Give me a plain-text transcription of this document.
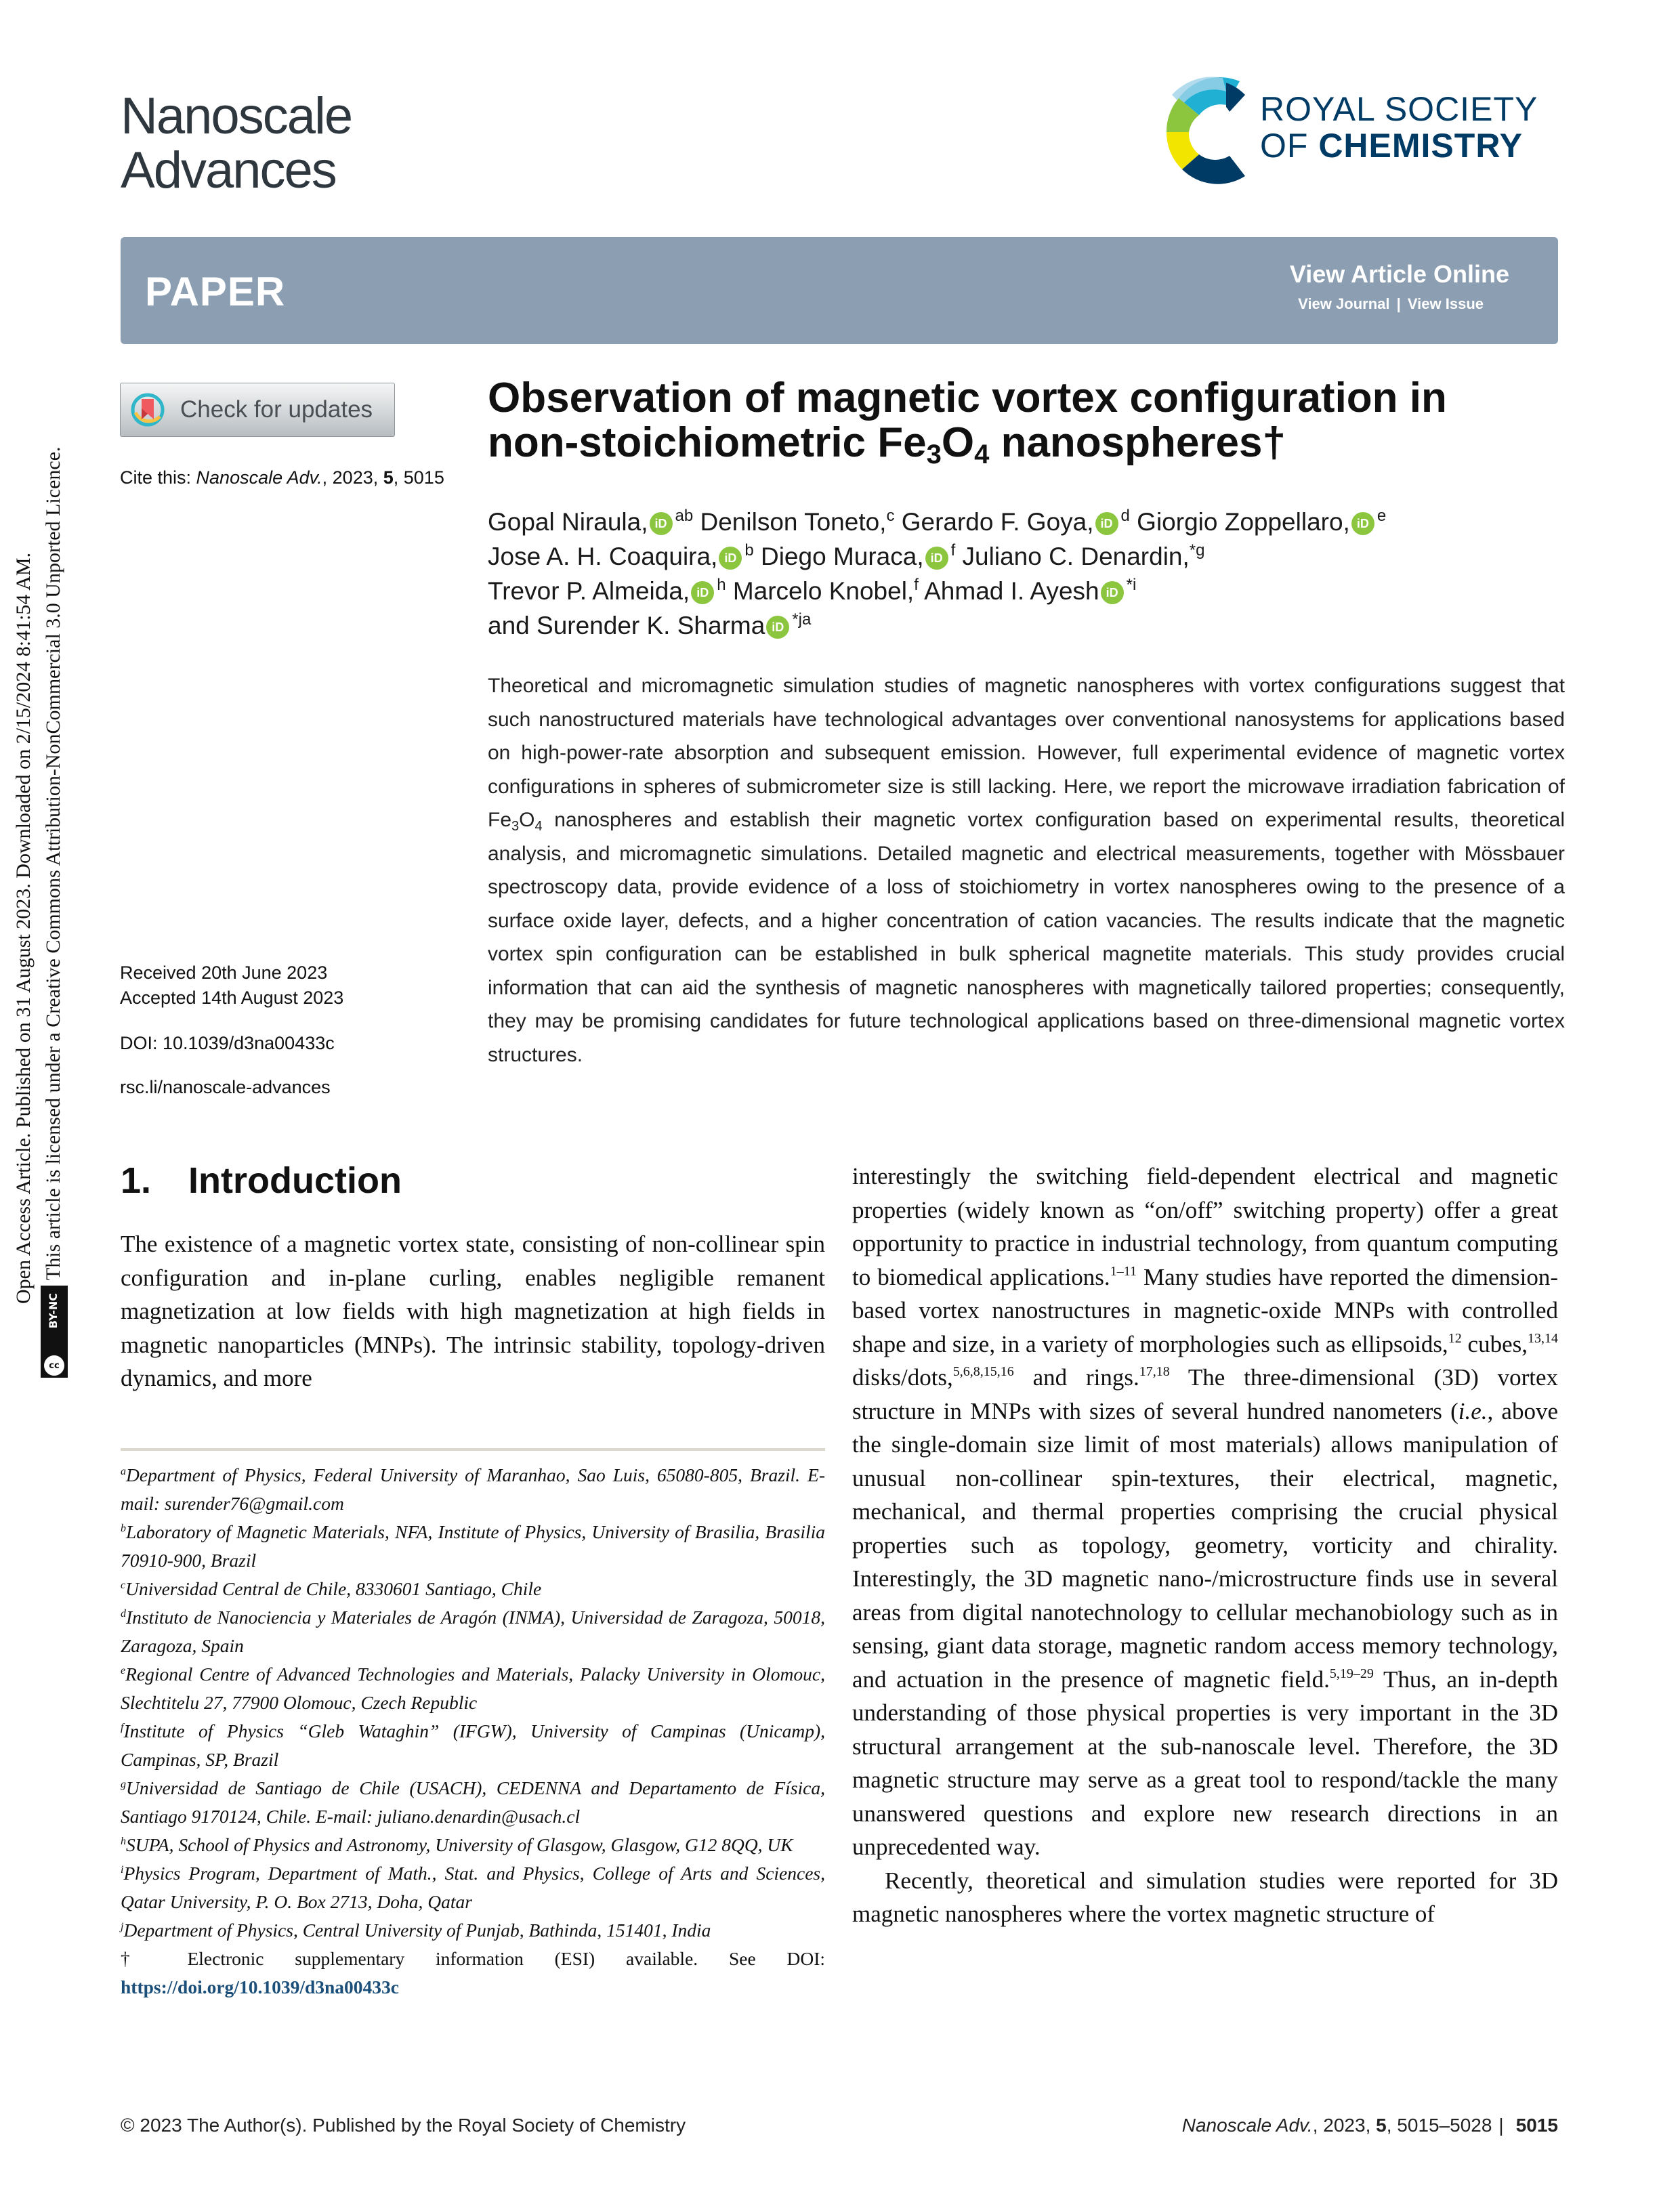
Open Access Article. Published on 31 August 2023. Downloaded on 2/15/2024 8:41:54 AM. This article is licensed under a Creative Commons Attribution-NonCommercial 3.0 Unported Licence.
BY-NC
cc
Nanoscale
Advances
ROYAL SOCIETY
OF CHEMISTRY
PAPER	View Article Online
View Journal | View Issue
Check for updates
Cite this: Nanoscale Adv., 2023, 5, 5015
Observation of magnetic vortex configuration in
non-stoichiometric $Fe_3O_4$ nanospheres†
Gopal Niraula, iD $^{ab}$ Denilson Toneto,$^c$ Gerardo F. Goya, iD $^d$ Giorgio Zoppellaro, iD $^e$
Jose A. H. Coaquira, iD $^b$ Diego Muraca, iD $^f$ Juliano C. Denardin,$^{*g}$
Trevor P. Almeida, iD $^h$ Marcelo Knobel,$^f$ Ahmad I. Ayesh iD $^{*i}$
and Surender K. Sharma iD $^{*ja}$
Theoretical and micromagnetic simulation studies of magnetic nanospheres with vortex configurations suggest that such nanostructured materials have technological advantages over conventional nanosystems for applications based on high-power-rate absorption and subsequent emission. However, full experimental evidence of magnetic vortex configurations in spheres of submicrometer size is still lacking. Here, we report the microwave irradiation fabrication of $Fe_3O_4$ nanospheres and establish their magnetic vortex configuration based on experimental results, theoretical analysis, and micromagnetic simulations. Detailed magnetic and electrical measurements, together with Mössbauer spectroscopy data, provide evidence of a loss of stoichiometry in vortex nanospheres owing to the presence of a surface oxide layer, defects, and a higher concentration of cation vacancies. The results indicate that the magnetic vortex spin configuration can be established in bulk spherical magnetite materials. This study provides crucial information that can aid the synthesis of magnetic nanospheres with magnetically tailored properties; consequently, they may be promising candidates for future technological applications based on three-dimensional magnetic vortex structures.
Received 20th June 2023
Accepted 14th August 2023
DOI: 10.1039/d3na00433c
rsc.li/nanoscale-advances
1. Introduction
The existence of a magnetic vortex state, consisting of non-collinear spin configuration and in-plane curling, enables negligible remanent magnetization at low fields with high magnetization at high fields in magnetic nanoparticles (MNPs). The intrinsic stability, topology-driven dynamics, and more
$^a$Department of Physics, Federal University of Maranhao, Sao Luis, 65080-805, Brazil. E-mail: surender76@gmail.com
$^b$Laboratory of Magnetic Materials, NFA, Institute of Physics, University of Brasilia, Brasilia 70910-900, Brazil
$^c$Universidad Central de Chile, 8330601 Santiago, Chile
$^d$Instituto de Nanociencia y Materiales de Aragón (INMA), Universidad de Zaragoza, 50018, Zaragoza, Spain
$^e$Regional Centre of Advanced Technologies and Materials, Palacky University in Olomouc, Slechtitelu 27, 77900 Olomouc, Czech Republic
$^f$Institute of Physics “Gleb Wataghin” (IFGW), University of Campinas (Unicamp), Campinas, SP, Brazil
$^g$Universidad de Santiago de Chile (USACH), CEDENNA and Departamento de Física, Santiago 9170124, Chile. E-mail: juliano.denardin@usach.cl
$^h$SUPA, School of Physics and Astronomy, University of Glasgow, Glasgow, G12 8QQ, UK
$^i$Physics Program, Department of Math., Stat. and Physics, College of Arts and Sciences, Qatar University, P. O. Box 2713, Doha, Qatar
$^j$Department of Physics, Central University of Punjab, Bathinda, 151401, India
† Electronic supplementary information (ESI) available. See DOI: https://doi.org/10.1039/d3na00433c

interestingly the switching field-dependent electrical and magnetic properties (widely known as “on/off” switching property) offer a great opportunity to practice in industrial technology, from quantum computing to biomedical applications.$^{1-11}$ Many studies have reported the dimension-based vortex nanostructures in magnetic-oxide MNPs with controlled shape and size, in a variety of morphologies such as ellipsoids,$^{12}$ cubes,$^{13,14}$ disks/dots,$^{5,6,8,15,16}$ and rings.$^{17,18}$ The three-dimensional (3D) vortex structure in MNPs with sizes of several hundred nanometers (i.e., above the single-domain size limit of most materials) allows manipulation of unusual non-collinear spin-textures, their electrical, magnetic, mechanical, and thermal properties comprising the crucial physical properties such as topology, geometry, vorticity and chirality. Interestingly, the 3D magnetic nano-/microstructure finds use in several areas from digital nanotechnology to cellular mechanobiology such as in sensing, giant data storage, magnetic random access memory technology, and actuation in the presence of magnetic field.$^{5,19-29}$ Thus, an in-depth understanding of those physical properties is very important in the 3D structural arrangement at the sub-nanoscale level. Therefore, the 3D magnetic structure may serve as a great tool to respond/tackle the many unanswered questions and explore new research directions in an unprecedented way.

Recently, theoretical and simulation studies were reported for 3D magnetic nanospheres where the vortex magnetic structure of

© 2023 The Author(s). Published by the Royal Society of Chemistry	Nanoscale Adv., 2023, 5, 5015–5028 | 5015
